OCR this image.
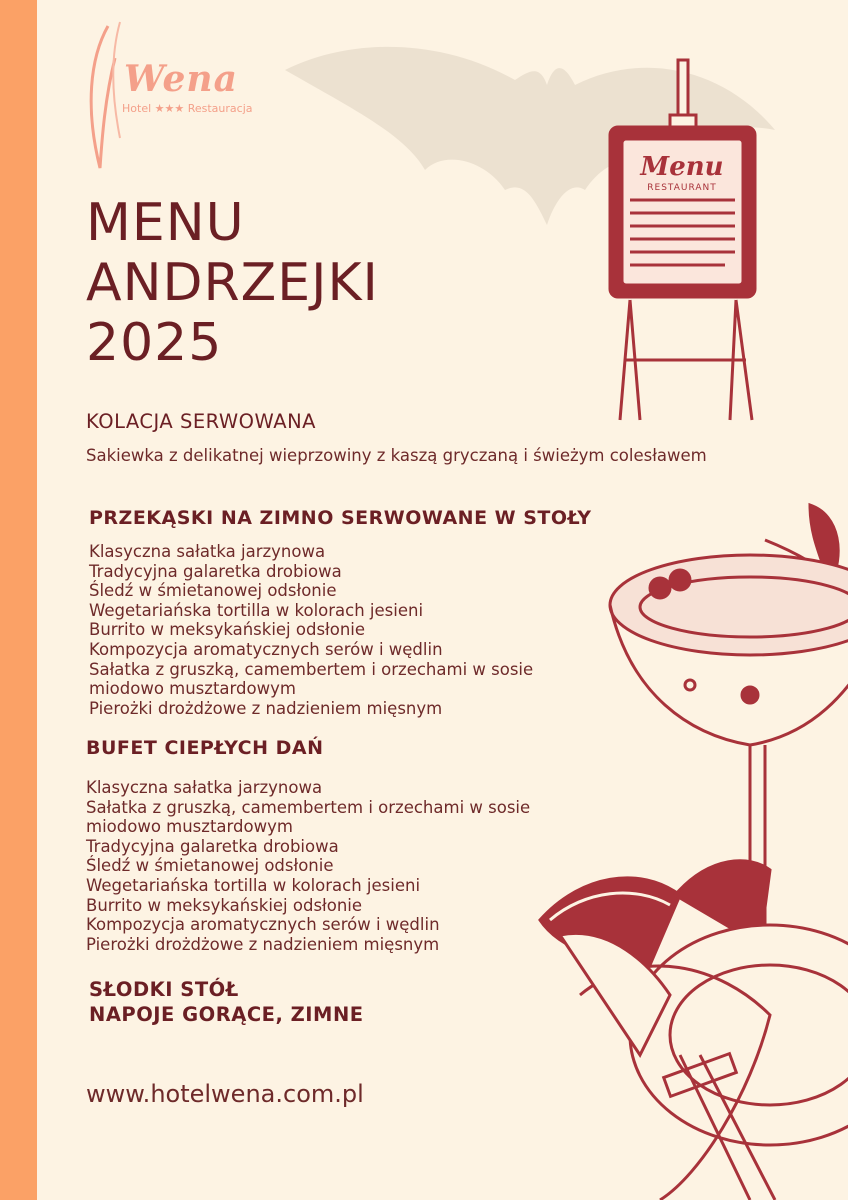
Wena
Hotel ★★★ Restauracja
Menu
RESTAURANT
MENU
ANDRZEJKI
2025
KOLACJA SERWOWANA

Sakiewka z delikatnej wieprzowiny z kaszą gryczaną i świeżym colesławem

PRZEKĄSKI NA ZIMNO SERWOWANE W STOŁY
Klasyczna sałatka jarzynowa
Tradycyjna galaretka drobiowa
Śledź w śmietanowej odsłonie
Wegetariańska tortilla w kolorach jesieni
Burrito w meksykańskiej odsłonie
Kompozycja aromatycznych serów i wędlin
Sałatka z gruszką, camembertem i orzechami w sosie
miodowo musztardowym
Pierożki drożdżowe z nadzieniem mięsnym
BUFET CIEPŁYCH DAŃ
Klasyczna sałatka jarzynowa
Sałatka z gruszką, camembertem i orzechami w sosie
miodowo musztardowym
Tradycyjna galaretka drobiowa
Śledź w śmietanowej odsłonie
Wegetariańska tortilla w kolorach jesieni
Burrito w meksykańskiej odsłonie
Kompozycja aromatycznych serów i wędlin
Pierożki drożdżowe z nadzieniem mięsnym
SŁODKI STÓŁ
NAPOJE GORĄCE, ZIMNE
www.hotelwena.com.pl
